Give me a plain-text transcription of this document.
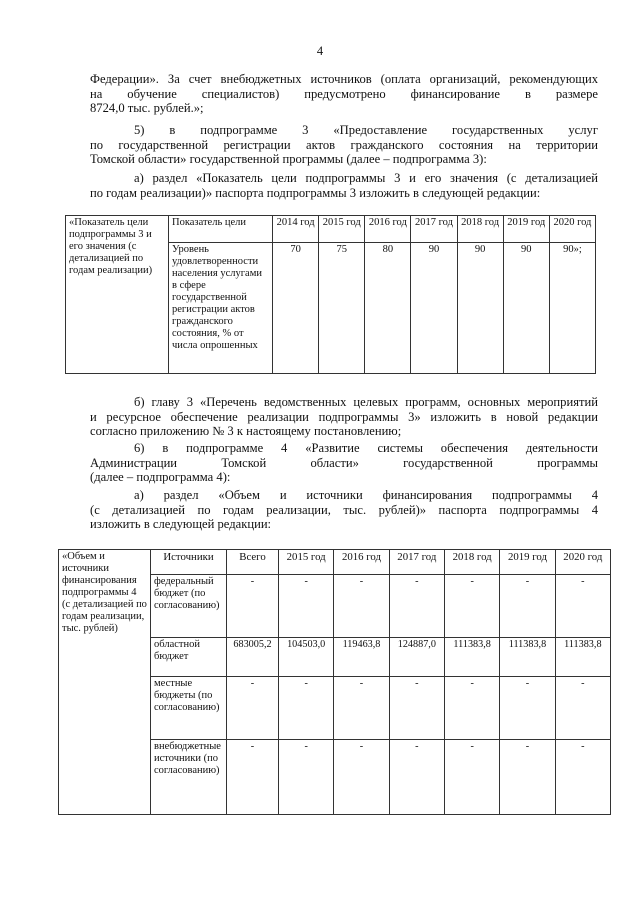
4

Федерации». За счет внебюджетных источников (оплата организаций, рекомендующих
на обучение специалистов) предусмотрено финансирование в размере
8724,0 тыс. рублей.»;

5) в подпрограмме 3 «Предоставление государственных услуг
по государственной регистрации актов гражданского состояния на территории
Томской области» государственной программы (далее – подпрограмма 3):

а) раздел «Показатель цели подпрограммы 3 и его значения (с детализацией
по годам реализации)» паспорта подпрограммы 3 изложить в следующей редакции:

«Показатель цели подпрограммы 3 и его значения (с детализацией по годам реализации)	Показатель цели	2014 год	2015 год	2016 год	2017 год	2018 год	2019 год	2020 год
	Уровень удовлетворенности населения услугами в сфере государственной регистрации актов гражданского состояния, % от числа опрошенных	70	75	80	90	90	90	90»;

б) главу 3 «Перечень ведомственных целевых программ, основных мероприятий
и ресурсное обеспечение реализации подпрограммы 3» изложить в новой редакции
согласно приложению № 3 к настоящему постановлению;

6) в подпрограмме 4 «Развитие системы обеспечения деятельности
Администрации Томской области» государственной программы
(далее – подпрограмма 4):

а) раздел «Объем и источники финансирования подпрограммы 4
(с детализацией по годам реализации, тыс. рублей)» паспорта подпрограммы 4
изложить в следующей редакции:

«Объем и источники финансирования подпрограммы 4 (с детализацией по годам реализации, тыс. рублей)	Источники	Всего	2015 год	2016 год	2017 год	2018 год	2019 год	2020 год
	федеральный бюджет (по согласованию)	-	-	-	-	-	-	-
	областной бюджет	683005,2	104503,0	119463,8	124887,0	111383,8	111383,8	111383,8
	местные бюджеты (по согласованию)	-	-	-	-	-	-	-
	внебюджетные источники (по согласованию)	-	-	-	-	-	-	-
